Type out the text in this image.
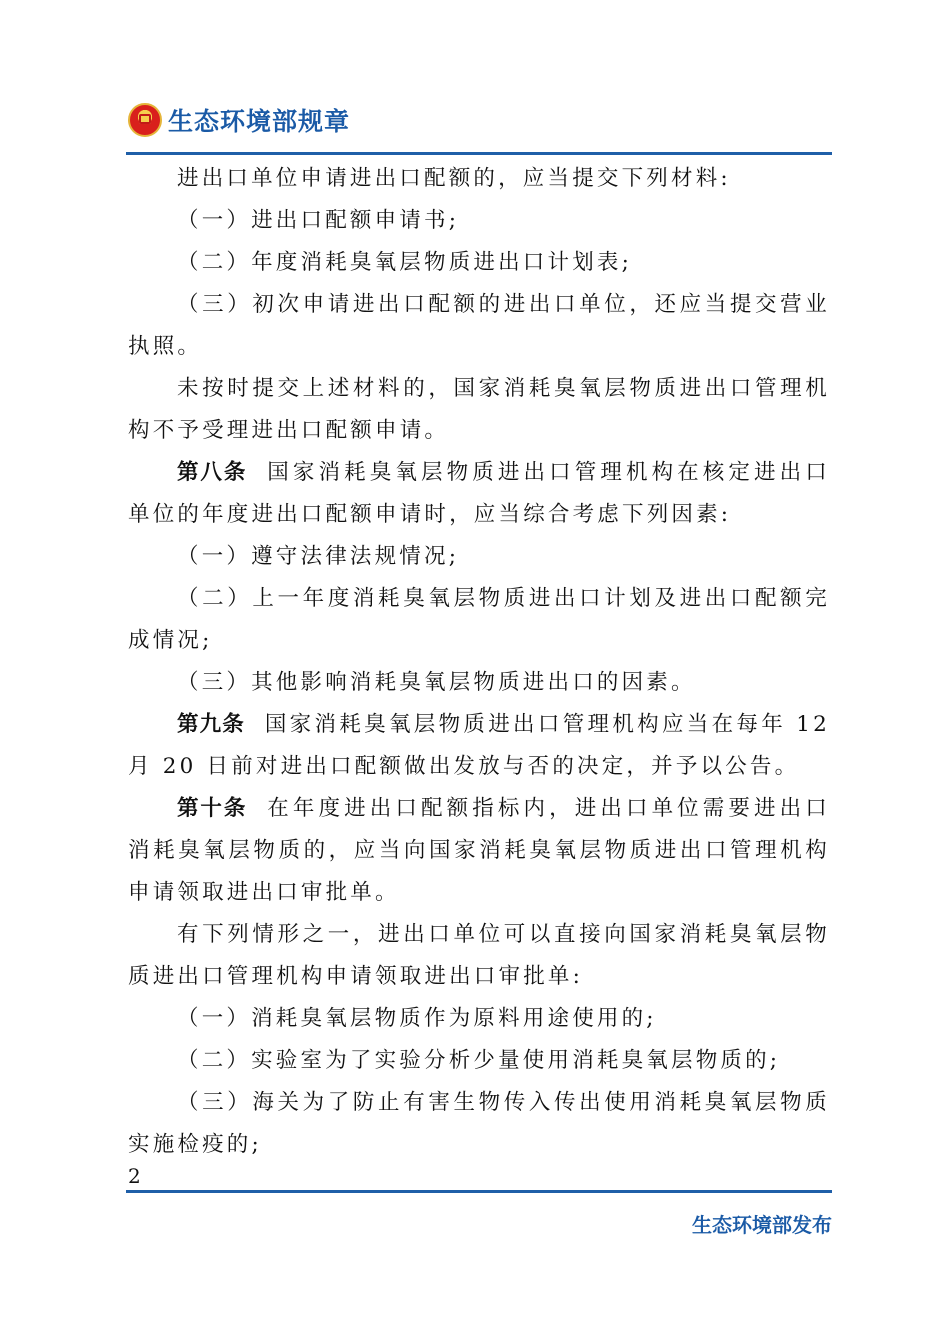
生态环境部规章

进出口单位申请进出口配额的，应当提交下列材料:

（一）进出口配额申请书;

（二）年度消耗臭氧层物质进出口计划表;

（三）初次申请进出口配额的进出口单位，还应当提交营业执照。

未按时提交上述材料的，国家消耗臭氧层物质进出口管理机构不予受理进出口配额申请。

第八条 国家消耗臭氧层物质进出口管理机构在核定进出口单位的年度进出口配额申请时，应当综合考虑下列因素:

（一）遵守法律法规情况;

（二）上一年度消耗臭氧层物质进出口计划及进出口配额完成情况;

（三）其他影响消耗臭氧层物质进出口的因素。

第九条 国家消耗臭氧层物质进出口管理机构应当在每年 12 月 20 日前对进出口配额做出发放与否的决定，并予以公告。

第十条 在年度进出口配额指标内，进出口单位需要进出口消耗臭氧层物质的，应当向国家消耗臭氧层物质进出口管理机构申请领取进出口审批单。

有下列情形之一，进出口单位可以直接向国家消耗臭氧层物质进出口管理机构申请领取进出口审批单:

（一）消耗臭氧层物质作为原料用途使用的;

（二）实验室为了实验分析少量使用消耗臭氧层物质的;

（三）海关为了防止有害生物传入传出使用消耗臭氧层物质实施检疫的;

2
生态环境部发布
